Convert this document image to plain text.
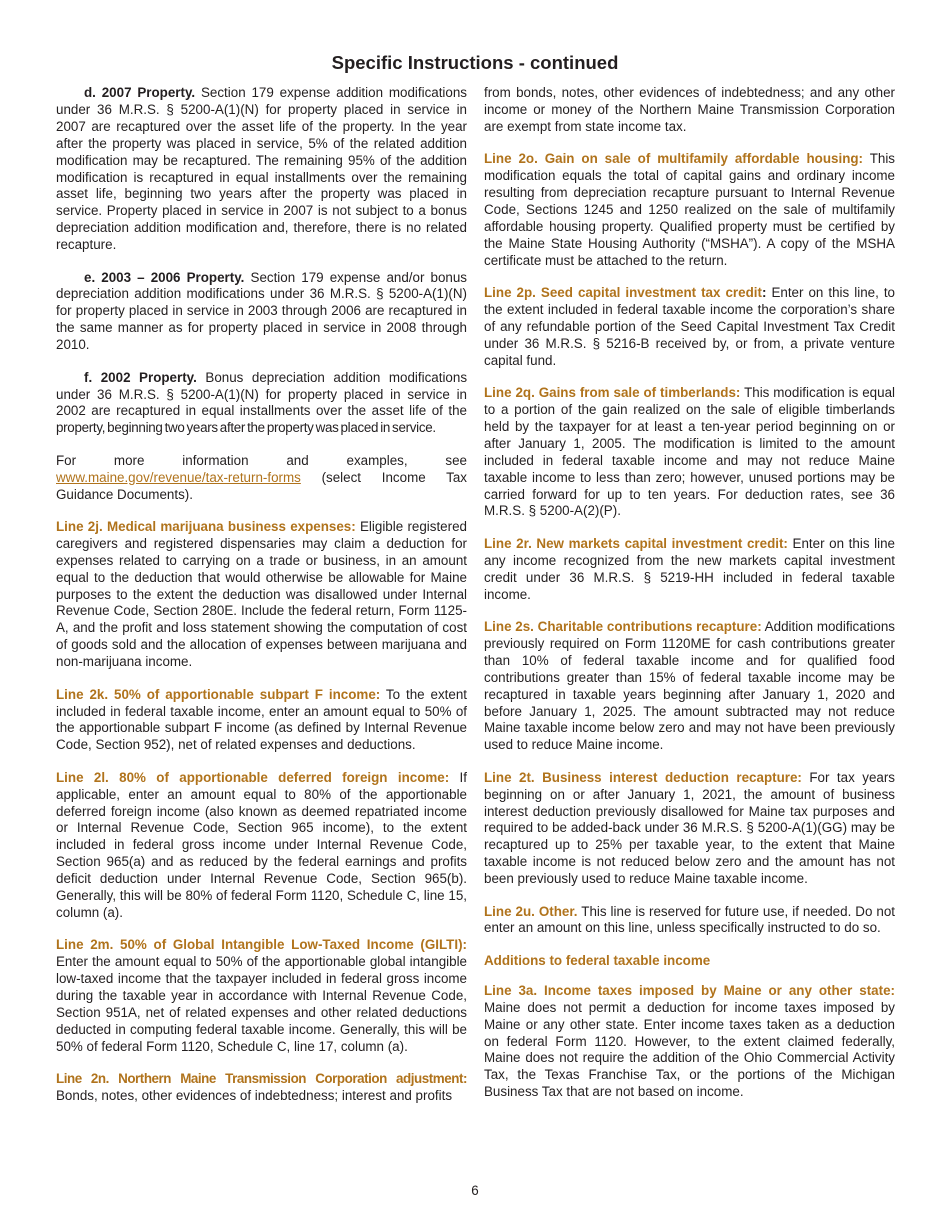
Specific Instructions - continued

d. 2007 Property. Section 179 expense addition modifications under 36 M.R.S. § 5200-A(1)(N) for property placed in service in 2007 are recaptured over the asset life of the property. In the year after the property was placed in service, 5% of the related addition modification may be recaptured. The remaining 95% of the addition modification is recaptured in equal installments over the remaining asset life, beginning two years after the property was placed in service. Property placed in service in 2007 is not subject to a bonus depreciation addition modification and, therefore, there is no related recapture.

e. 2003 – 2006 Property. Section 179 expense and/or bonus depreciation addition modifications under 36 M.R.S. § 5200-A(1)(N) for property placed in service in 2003 through 2006 are recaptured in the same manner as for property placed in service in 2008 through 2010.

f. 2002 Property. Bonus depreciation addition modifications under 36 M.R.S. § 5200-A(1)(N) for property placed in service in 2002 are recaptured in equal installments over the asset life of the property, beginning two years after the property was placed in service.

For more information and examples, see www.maine.gov/revenue/tax-return-forms (select Income Tax Guidance Documents).

Line 2j. Medical marijuana business expenses: Eligible registered caregivers and registered dispensaries may claim a deduction for expenses related to carrying on a trade or business, in an amount equal to the deduction that would otherwise be allowable for Maine purposes to the extent the deduction was disallowed under Internal Revenue Code, Section 280E. Include the federal return, Form 1125-A, and the profit and loss statement showing the computation of cost of goods sold and the allocation of expenses between marijuana and non-marijuana income.

Line 2k. 50% of apportionable subpart F income: To the extent included in federal taxable income, enter an amount equal to 50% of the apportionable subpart F income (as defined by Internal Revenue Code, Section 952), net of related expenses and deductions.

Line 2l. 80% of apportionable deferred foreign income: If applicable, enter an amount equal to 80% of the apportionable deferred foreign income (also known as deemed repatriated income or Internal Revenue Code, Section 965 income), to the extent included in federal gross income under Internal Revenue Code, Section 965(a) and as reduced by the federal earnings and profits deficit deduction under Internal Revenue Code, Section 965(b). Generally, this will be 80% of federal Form 1120, Schedule C, line 15, column (a).

Line 2m. 50% of Global Intangible Low-Taxed Income (GILTI): Enter the amount equal to 50% of the apportionable global intangible low-taxed income that the taxpayer included in federal gross income during the taxable year in accordance with Internal Revenue Code, Section 951A, net of related expenses and other related deductions deducted in computing federal taxable income. Generally, this will be 50% of federal Form 1120, Schedule C, line 17, column (a).

Line 2n. Northern Maine Transmission Corporation adjustment: Bonds, notes, other evidences of indebtedness; interest and profits

from bonds, notes, other evidences of indebtedness; and any other income or money of the Northern Maine Transmission Corporation are exempt from state income tax.

Line 2o. Gain on sale of multifamily affordable housing: This modification equals the total of capital gains and ordinary income resulting from depreciation recapture pursuant to Internal Revenue Code, Sections 1245 and 1250 realized on the sale of multifamily affordable housing property. Qualified property must be certified by the Maine State Housing Authority (“MSHA”). A copy of the MSHA certificate must be attached to the return.

Line 2p. Seed capital investment tax credit: Enter on this line, to the extent included in federal taxable income the corporation’s share of any refundable portion of the Seed Capital Investment Tax Credit under 36 M.R.S. § 5216-B received by, or from, a private venture capital fund.

Line 2q. Gains from sale of timberlands: This modification is equal to a portion of the gain realized on the sale of eligible timberlands held by the taxpayer for at least a ten-year period beginning on or after January 1, 2005. The modification is limited to the amount included in federal taxable income and may not reduce Maine taxable income to less than zero; however, unused portions may be carried forward for up to ten years. For deduction rates, see 36 M.R.S. § 5200-A(2)(P).

Line 2r. New markets capital investment credit: Enter on this line any income recognized from the new markets capital investment credit under 36 M.R.S. § 5219-HH included in federal taxable income.

Line 2s. Charitable contributions recapture: Addition modifications previously required on Form 1120ME for cash contributions greater than 10% of federal taxable income and for qualified food contributions greater than 15% of federal taxable income may be recaptured in taxable years beginning after January 1, 2020 and before January 1, 2025. The amount subtracted may not reduce Maine taxable income below zero and may not have been previously used to reduce Maine income.

Line 2t. Business interest deduction recapture: For tax years beginning on or after January 1, 2021, the amount of business interest deduction previously disallowed for Maine tax purposes and required to be added-back under 36 M.R.S. § 5200-A(1)(GG) may be recaptured up to 25% per taxable year, to the extent that Maine taxable income is not reduced below zero and the amount has not been previously used to reduce Maine taxable income.

Line 2u. Other. This line is reserved for future use, if needed. Do not enter an amount on this line, unless specifically instructed to do so.

Additions to federal taxable income

Line 3a. Income taxes imposed by Maine or any other state: Maine does not permit a deduction for income taxes imposed by Maine or any other state. Enter income taxes taken as a deduction on federal Form 1120. However, to the extent claimed federally, Maine does not require the addition of the Ohio Commercial Activity Tax, the Texas Franchise Tax, or the portions of the Michigan Business Tax that are not based on income.

6
